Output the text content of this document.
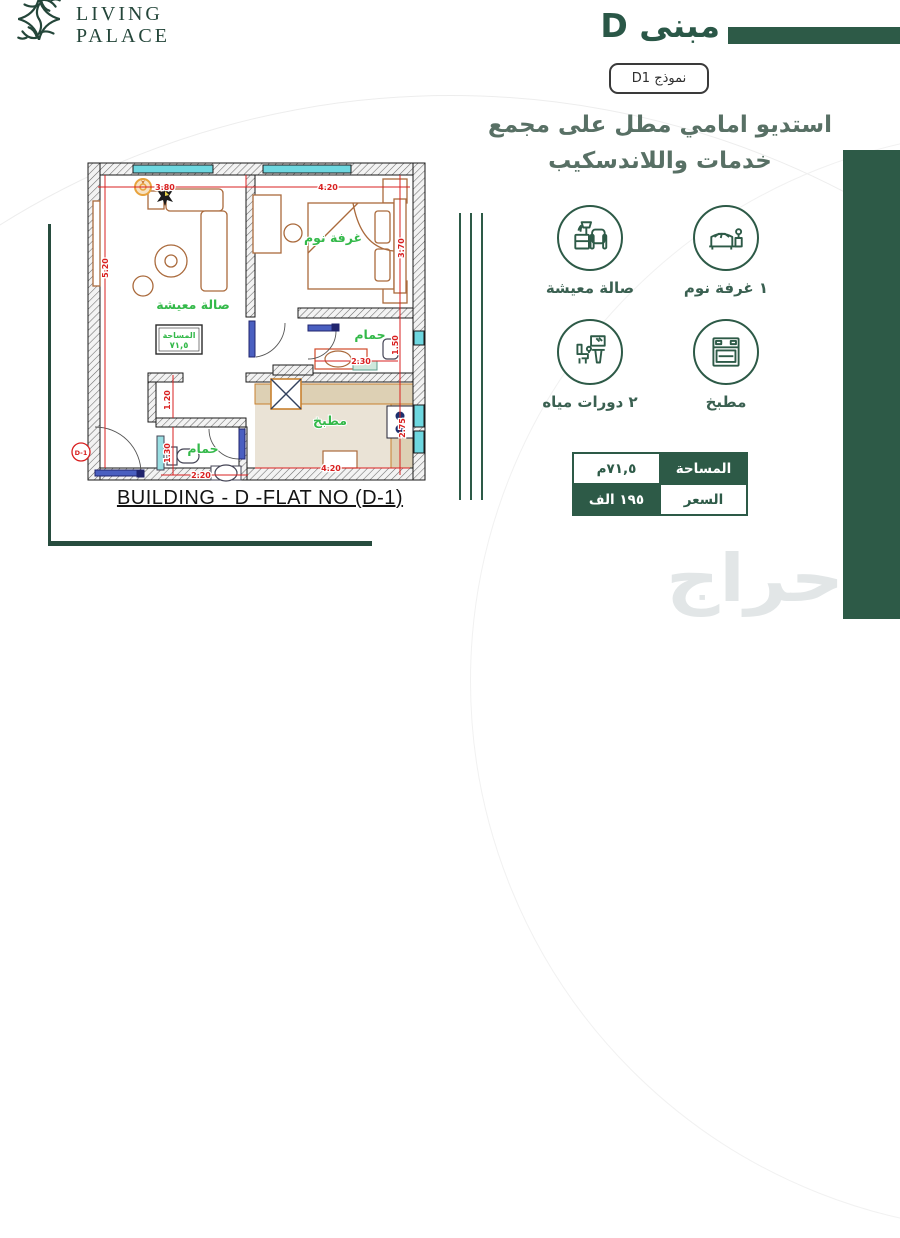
LIVING
PALACE	مبنى D
نموذج D1
استديو امامي مطل على مجمع
خدمات واللاندسكيب
صالة معيشة	١ غرفة نوم
٢ دورات مياه	مطبخ
المساحة	٧١,٥م
السعر	١٩٥ الف
3.80	4.20
5.20
3.70
2.30
1.50
1.20
1.30
2.20
4.20
2.75
صالة معيشة
غرفة نوم
حمام
حمام
مطبخ
المساحة
٧١,٥
D-1
BUILDING - D -FLAT NO (D-1)
حراج
